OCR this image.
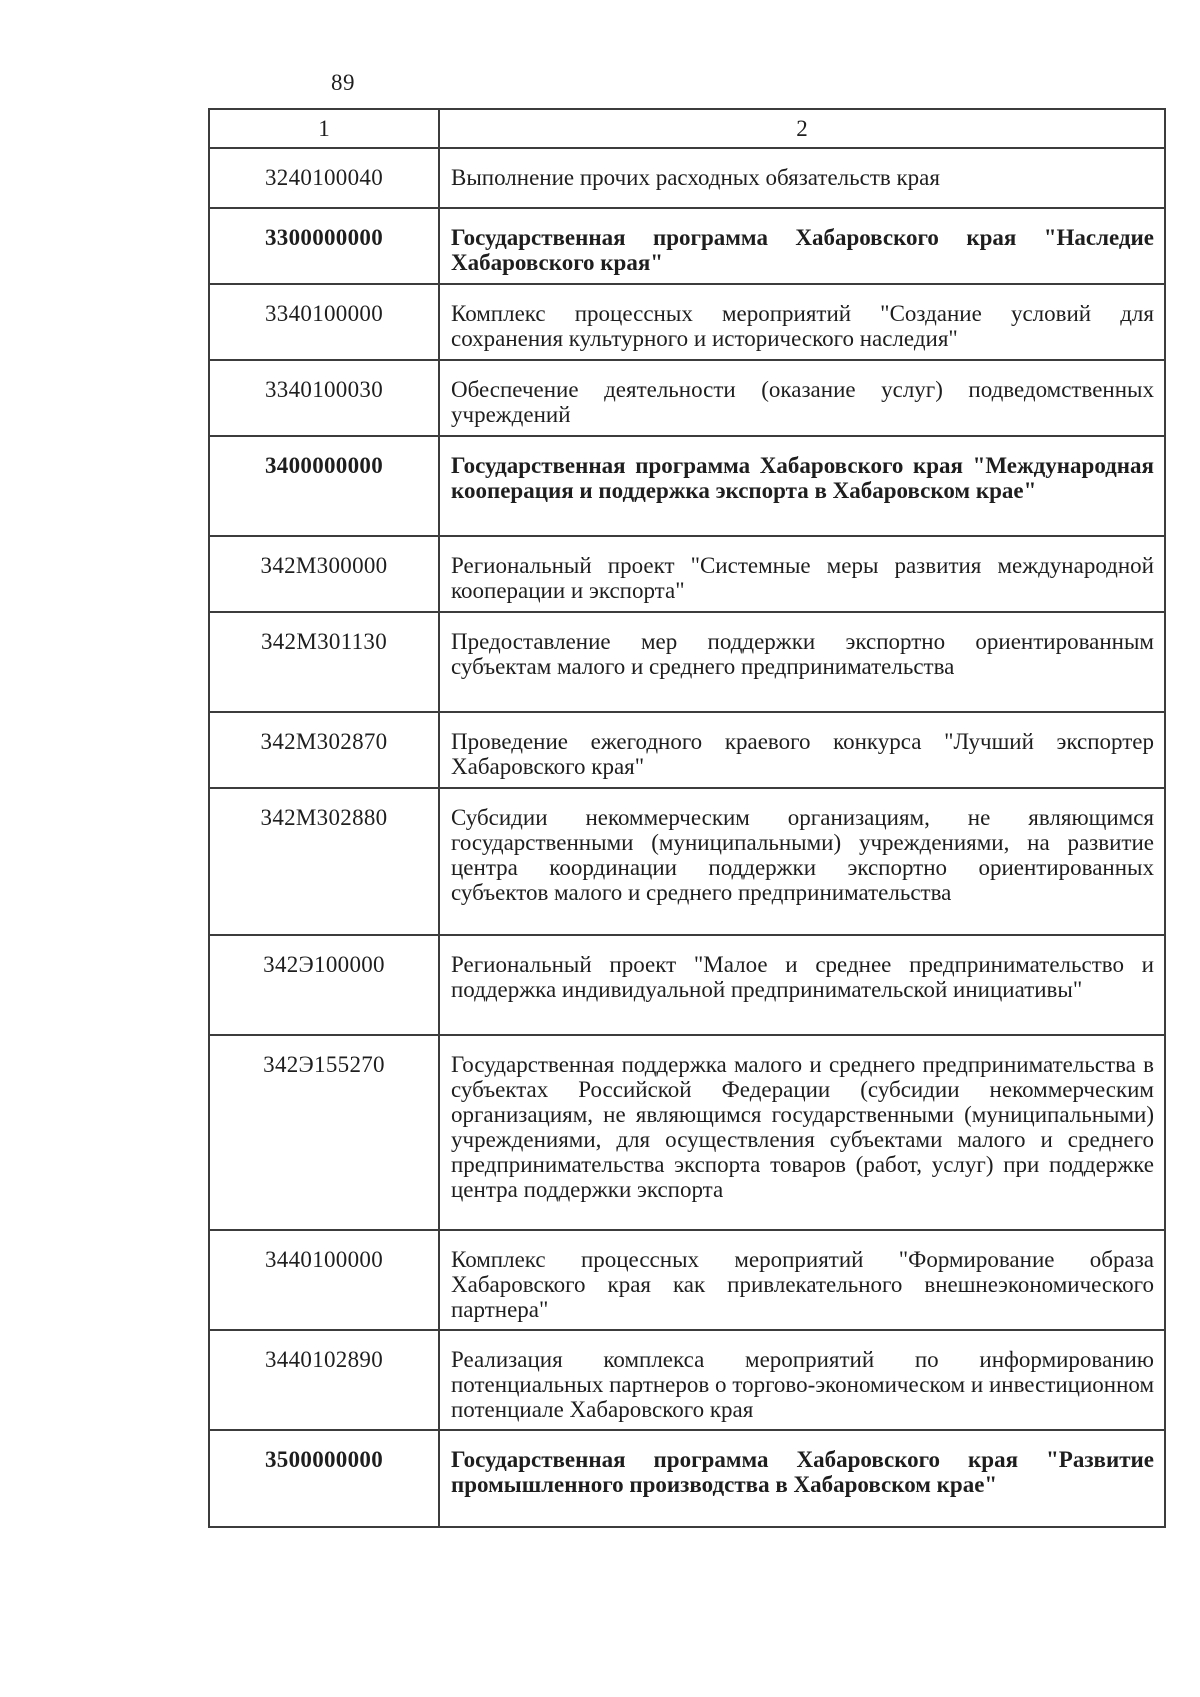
89
1	2
3240100040	Выполнение прочих расходных обязательств края
3300000000	Государственная программа Хабаровского края "Наследие Хабаровского края"
3340100000	Комплекс процессных мероприятий "Создание условий для сохранения культурного и исторического наследия"
3340100030	Обеспечение деятельности (оказание услуг) подведомственных учреждений
3400000000	Государственная программа Хабаровского края "Международная кооперация и поддержка экспорта в Хабаровском крае"
342М300000	Региональный проект "Системные меры развития международной кооперации и экспорта"
342М301130	Предоставление мер поддержки экспортно ориентированным субъектам малого и среднего предпринимательства
342М302870	Проведение ежегодного краевого конкурса "Лучший экспортер Хабаровского края"
342М302880	Субсидии некоммерческим организациям, не являющимся государственными (муниципальными) учреждениями, на развитие центра координации поддержки экспортно ориентированных субъектов малого и среднего предпринимательства
342Э100000	Региональный проект "Малое и среднее предпринимательство и поддержка индивидуальной предпринимательской инициативы"
342Э155270	Государственная поддержка малого и среднего предпринимательства в субъектах Российской Федерации (субсидии некоммерческим организациям, не являющимся государственными (муниципальными) учреждениями, для осуществления субъектами малого и среднего предпринимательства экспорта товаров (работ, услуг) при поддержке центра поддержки экспорта
3440100000	Комплекс процессных мероприятий "Формирование образа Хабаровского края как привлекательного внешнеэкономического партнера"
3440102890	Реализация комплекса мероприятий по информированию потенциальных партнеров о торгово-экономическом и инвестиционном потенциале Хабаровского края
3500000000	Государственная программа Хабаровского края "Развитие промышленного производства в Хабаровском крае"
